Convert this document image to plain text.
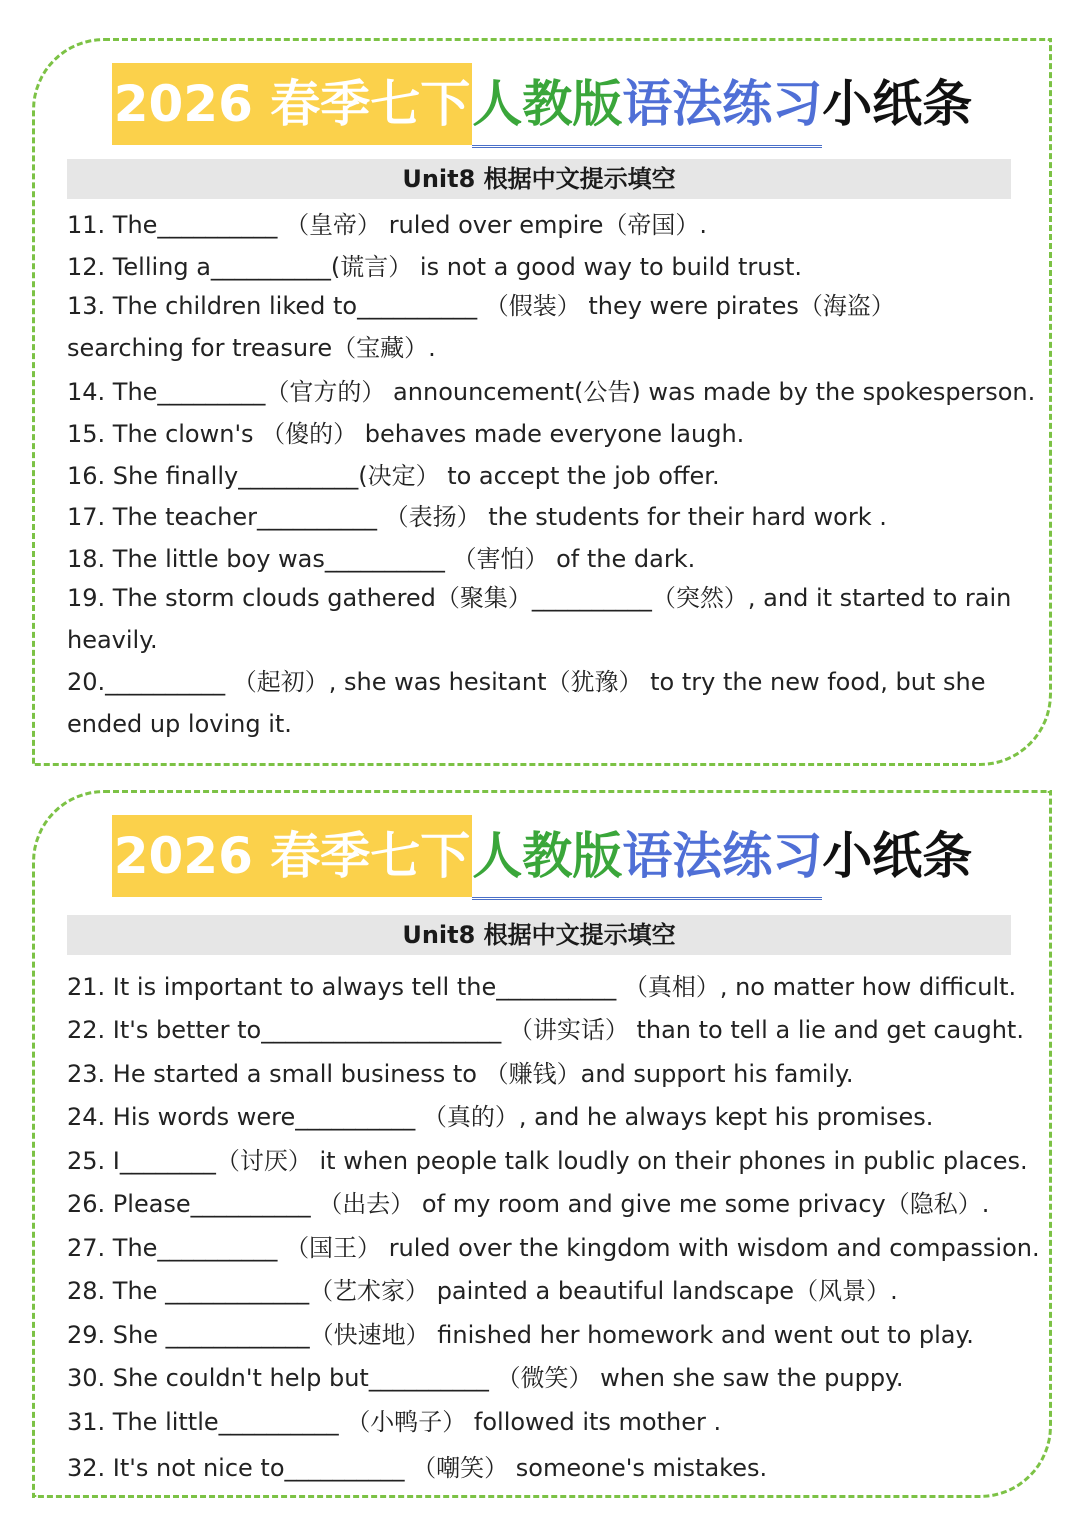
2026 春季七下人教版语法练习小纸条
Unit8 根据中文提示填空
11. The__________ （皇帝） ruled over empire（帝国）.
12. Telling a__________(谎言） is not a good way to build trust.
13. The children liked to__________ （假装） they were pirates（海盗） searching for treasure（宝藏）.
14. The_________（官方的） announcement(公告) was made by the spokesperson.
15. The clown's （傻的） behaves made everyone laugh.
16. She finally__________(决定） to accept the job offer.
17. The teacher__________ （表扬） the students for their hard work .
18. The little boy was__________ （害怕） of the dark.
19. The storm clouds gathered（聚集）__________（突然）, and it started to rain heavily.
20.__________ （起初）, she was hesitant（犹豫） to try the new food, but she ended up loving it.
2026 春季七下人教版语法练习小纸条
Unit8 根据中文提示填空
21. It is important to always tell the__________ （真相）, no matter how difficult.
22. It's better to____________________ （讲实话） than to tell a lie and get caught.
23. He started a small business to （赚钱）and support his family.
24. His words were__________ （真的）, and he always kept his promises.
25. I________（讨厌） it when people talk loudly on their phones in public places.
26. Please__________ （出去） of my room and give me some privacy（隐私）.
27. The__________ （国王） ruled over the kingdom with wisdom and compassion.
28. The ____________（艺术家） painted a beautiful landscape（风景）.
29. She ____________（快速地） finished her homework and went out to play.
30. She couldn't help but__________ （微笑） when she saw the puppy.
31. The little__________ （小鸭子） followed its mother .
32. It's not nice to__________ （嘲笑） someone's mistakes.
